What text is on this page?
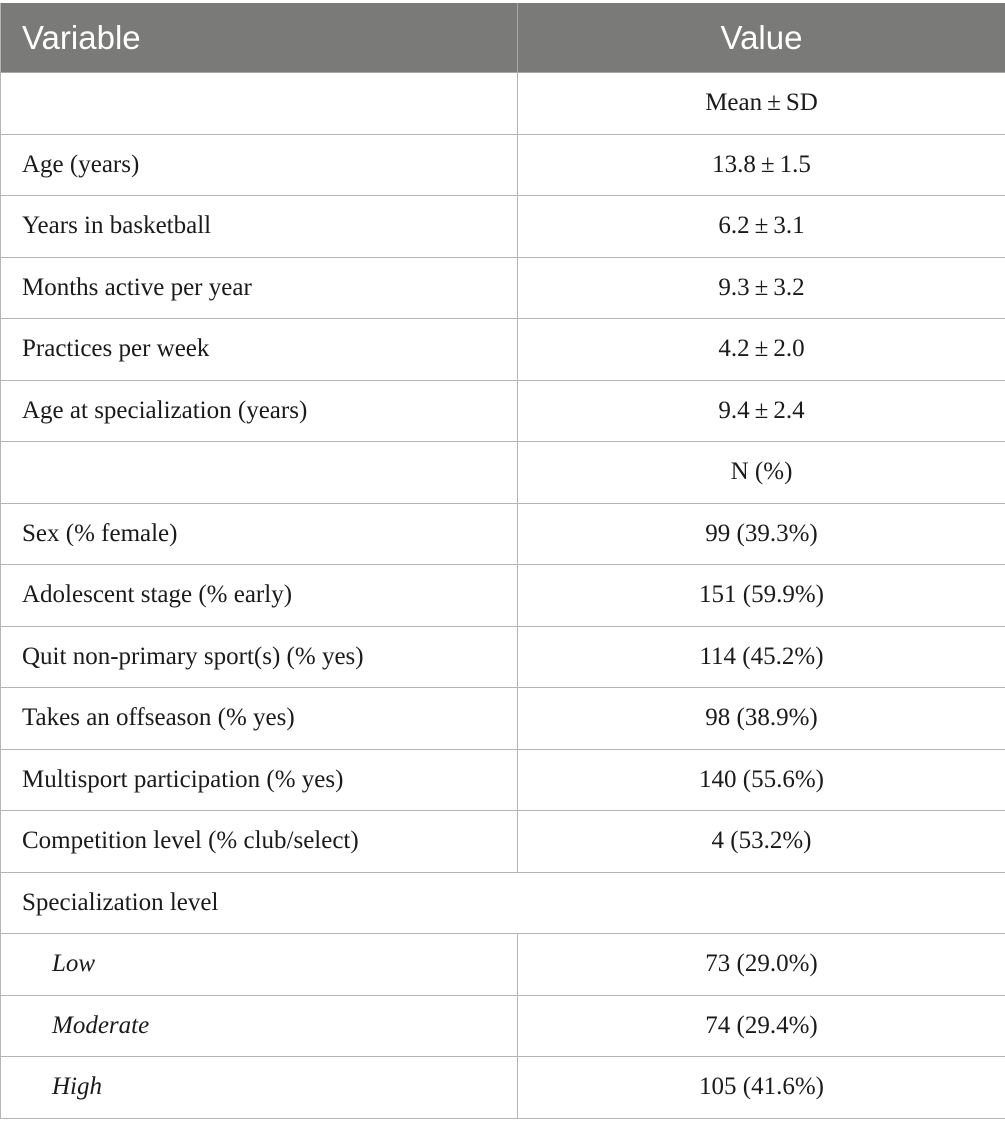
Variable	Value
	Mean ± SD
Age (years)	13.8 ± 1.5
Years in basketball	6.2 ± 3.1
Months active per year	9.3 ± 3.2
Practices per week	4.2 ± 2.0
Age at specialization (years)	9.4 ± 2.4
	N (%)
Sex (% female)	99 (39.3%)
Adolescent stage (% early)	151 (59.9%)
Quit non-primary sport(s) (% yes)	114 (45.2%)
Takes an offseason (% yes)	98 (38.9%)
Multisport participation (% yes)	140 (55.6%)
Competition level (% club/select)	4 (53.2%)
Specialization level	
Low	73 (29.0%)
Moderate	74 (29.4%)
High	105 (41.6%)
